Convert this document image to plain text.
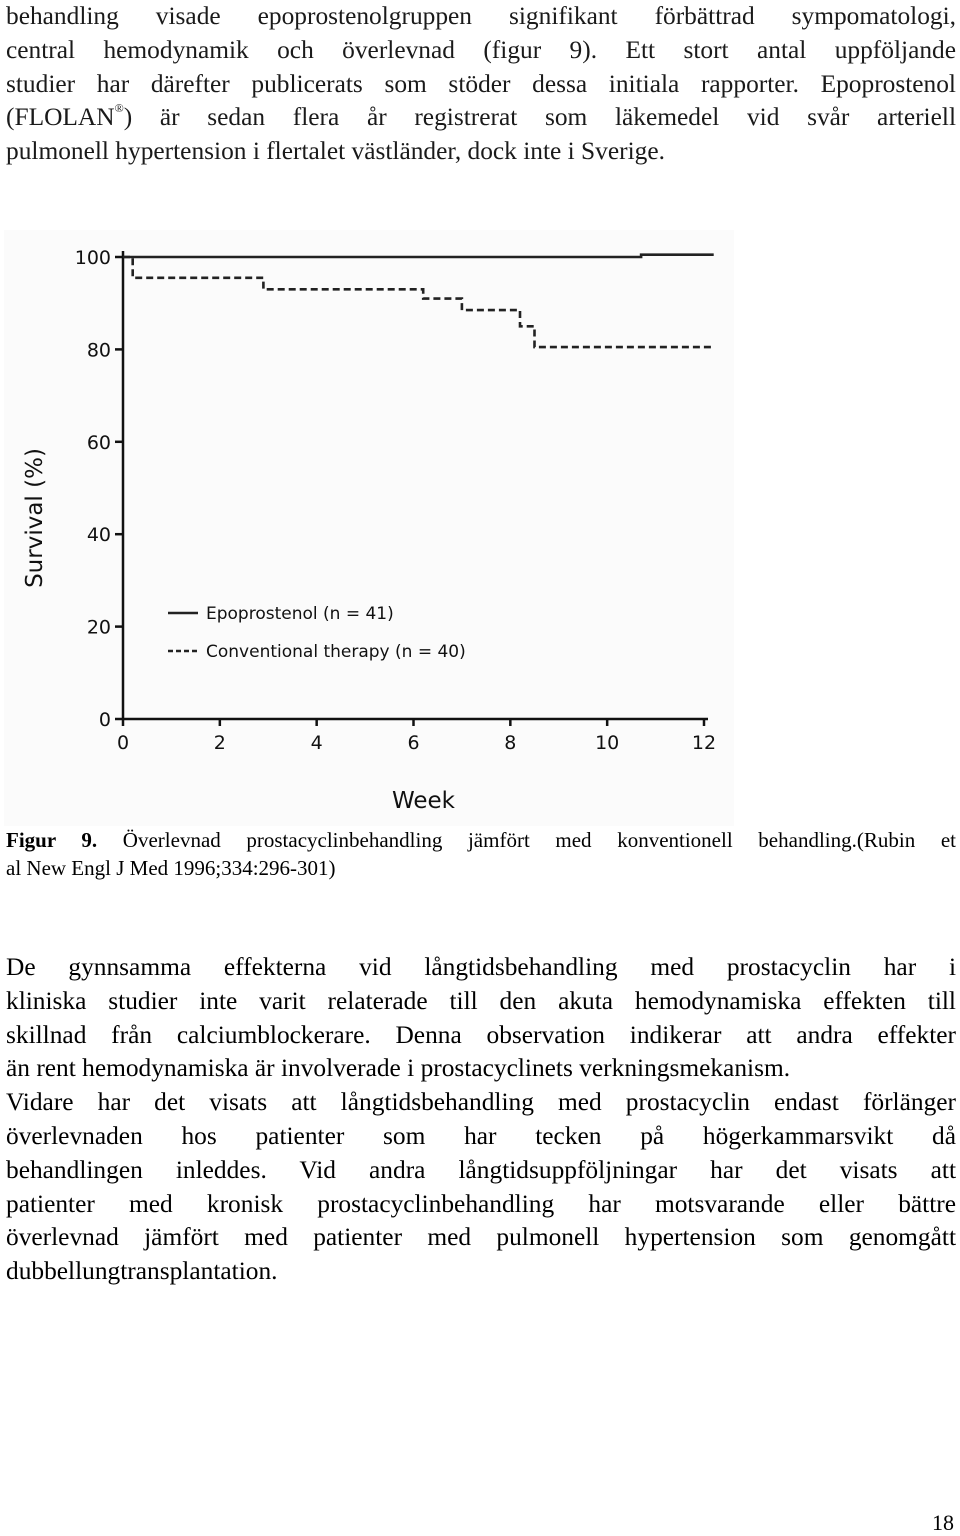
behandling visade epoprostenolgruppen signifikant förbättrad sympomatologi,
central hemodynamik och överlevnad (figur 9). Ett stort antal uppföljande
studier har därefter publicerats som stöder dessa initiala rapporter. Epoprostenol
(FLOLAN®) är sedan flera år registrerat som läkemedel vid svår arteriell
pulmonell hypertension i flertalet västländer, dock inte i Sverige.
0
20
40
60
80
100
0	2	4	6	8	10	12
Epoprostenol (n = 41)
Conventional therapy (n = 40)
Week
Survival (%)
Figur 9. Överlevnad prostacyclinbehandling jämfört med konventionell behandling.(Rubin et
al New Engl J Med 1996;334:296-301)
De gynnsamma effekterna vid långtidsbehandling med prostacyclin har i
kliniska studier inte varit relaterade till den akuta hemodynamiska effekten till
skillnad från calciumblockerare. Denna observation indikerar att andra effekter
än rent hemodynamiska är involverade i prostacyclinets verkningsmekanism.
Vidare har det visats att långtidsbehandling med prostacyclin endast förlänger
överlevnaden hos patienter som har tecken på högerkammarsvikt då
behandlingen inleddes. Vid andra långtidsuppföljningar har det visats att
patienter med kronisk prostacyclinbehandling har motsvarande eller bättre
överlevnad jämfört med patienter med pulmonell hypertension som genomgått
dubbellungtransplantation.
18
